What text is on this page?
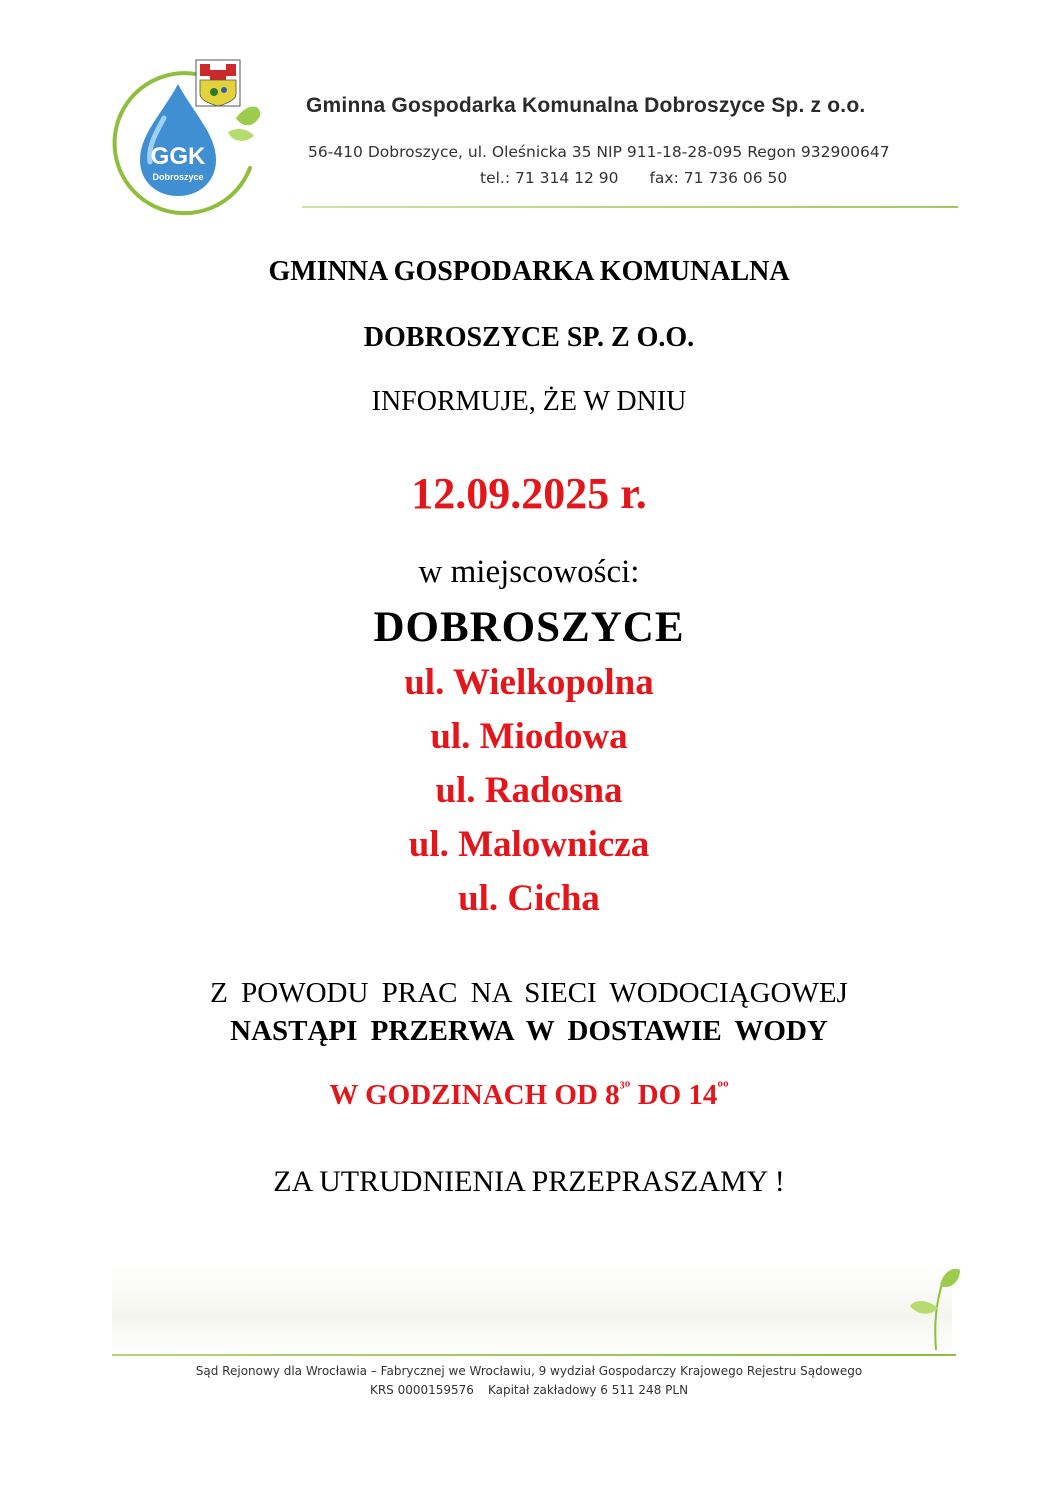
GGK
Dobroszyce
Gminna Gospodarka Komunalna Dobroszyce Sp. z o.o.
56-410 Dobroszyce, ul. Oleśnicka 35 NIP 911-18-28-095 Regon 932900647
tel.: 71 314 12 90 fax: 71 736 06 50
GMINNA GOSPODARKA KOMUNALNA
DOBROSZYCE SP. Z O.O.
INFORMUJE, ŻE W DNIU
12.09.2025 r.
w miejscowości:
DOBROSZYCE
ul. Wielkopolna
ul. Miodowa
ul. Radosna
ul. Malownicza
ul. Cicha
Z POWODU PRAC NA SIECI WODOCIĄGOWEJ
NASTĄPI PRZERWA W DOSTAWIE WODY
W GODZINACH OD $8^{^3º}$ DO $14^{ºº}$
ZA UTRUDNIENIA PRZEPRASZAMY !
Sąd Rejonowy dla Wrocławia – Fabrycznej we Wrocławiu, 9 wydział Gospodarczy Krajowego Rejestru Sądowego
KRS 0000159576 Kapitał zakładowy 6 511 248 PLN
